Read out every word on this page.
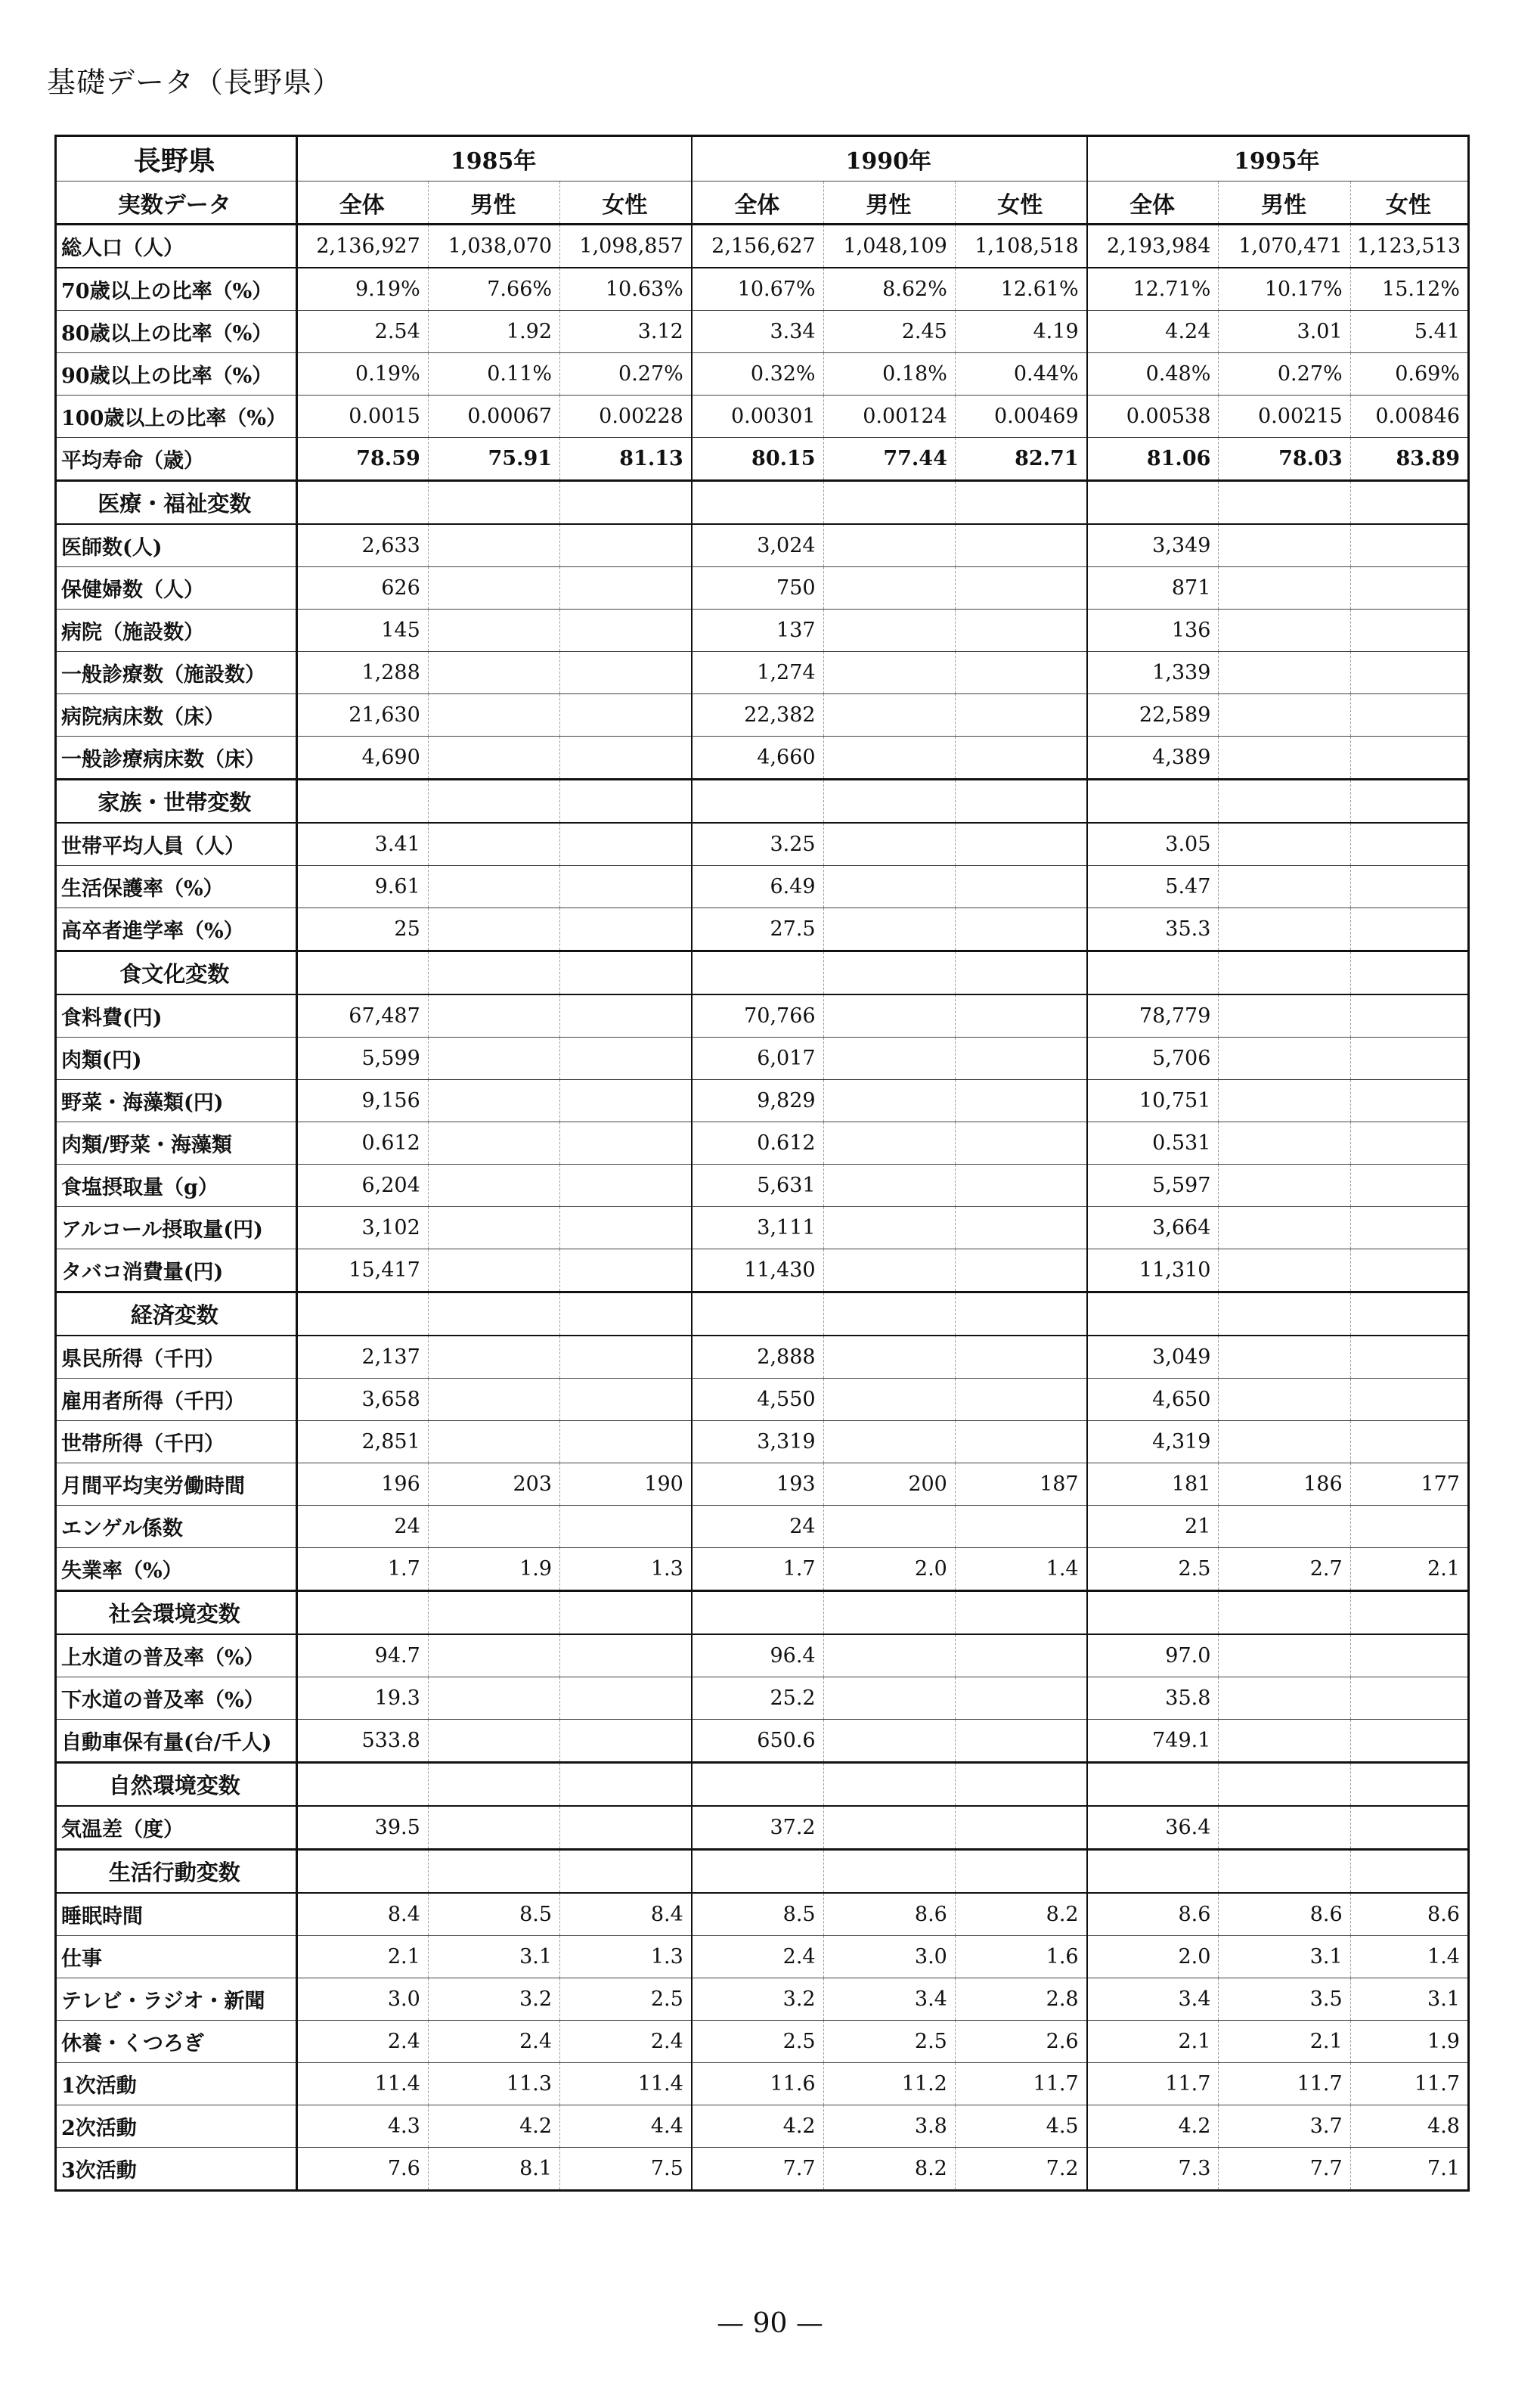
基礎データ（長野県）
長野県	1985年			1990年			1995年		
実数データ	全体	男性	女性	全体	男性	女性	全体	男性	女性
総人口（人）	2,136,927	1,038,070	1,098,857	2,156,627	1,048,109	1,108,518	2,193,984	1,070,471	1,123,513
70歳以上の比率（%）	9.19%	7.66%	10.63%	10.67%	8.62%	12.61%	12.71%	10.17%	15.12%
80歳以上の比率（%）	2.54	1.92	3.12	3.34	2.45	4.19	4.24	3.01	5.41
90歳以上の比率（%）	0.19%	0.11%	0.27%	0.32%	0.18%	0.44%	0.48%	0.27%	0.69%
100歳以上の比率（%）	0.0015	0.00067	0.00228	0.00301	0.00124	0.00469	0.00538	0.00215	0.00846
平均寿命（歳）	78.59	75.91	81.13	80.15	77.44	82.71	81.06	78.03	83.89
医療・福祉変数									
医師数(人)	2,633			3,024			3,349		
保健婦数（人）	626			750			871		
病院（施設数）	145			137			136		
一般診療数（施設数）	1,288			1,274			1,339		
病院病床数（床）	21,630			22,382			22,589		
一般診療病床数（床）	4,690			4,660			4,389		
家族・世帯変数									
世帯平均人員（人）	3.41			3.25			3.05		
生活保護率（%）	9.61			6.49			5.47		
高卒者進学率（%）	25			27.5			35.3		
食文化変数									
食料費(円)	67,487			70,766			78,779		
肉類(円)	5,599			6,017			5,706		
野菜・海藻類(円)	9,156			9,829			10,751		
肉類/野菜・海藻類	0.612			0.612			0.531		
食塩摂取量（g）	6,204			5,631			5,597		
アルコール摂取量(円)	3,102			3,111			3,664		
タバコ消費量(円)	15,417			11,430			11,310		
経済変数									
県民所得（千円）	2,137			2,888			3,049		
雇用者所得（千円）	3,658			4,550			4,650		
世帯所得（千円）	2,851			3,319			4,319		
月間平均実労働時間	196	203	190	193	200	187	181	186	177
エンゲル係数	24			24			21		
失業率（%）	1.7	1.9	1.3	1.7	2.0	1.4	2.5	2.7	2.1
社会環境変数									
上水道の普及率（%）	94.7			96.4			97.0		
下水道の普及率（%）	19.3			25.2			35.8		
自動車保有量(台/千人)	533.8			650.6			749.1		
自然環境変数									
気温差（度）	39.5			37.2			36.4		
生活行動変数									
睡眠時間	8.4	8.5	8.4	8.5	8.6	8.2	8.6	8.6	8.6
仕事	2.1	3.1	1.3	2.4	3.0	1.6	2.0	3.1	1.4
テレビ・ラジオ・新聞	3.0	3.2	2.5	3.2	3.4	2.8	3.4	3.5	3.1
休養・くつろぎ	2.4	2.4	2.4	2.5	2.5	2.6	2.1	2.1	1.9
1次活動	11.4	11.3	11.4	11.6	11.2	11.7	11.7	11.7	11.7
2次活動	4.3	4.2	4.4	4.2	3.8	4.5	4.2	3.7	4.8
3次活動	7.6	8.1	7.5	7.7	8.2	7.2	7.3	7.7	7.1
— 90 —
